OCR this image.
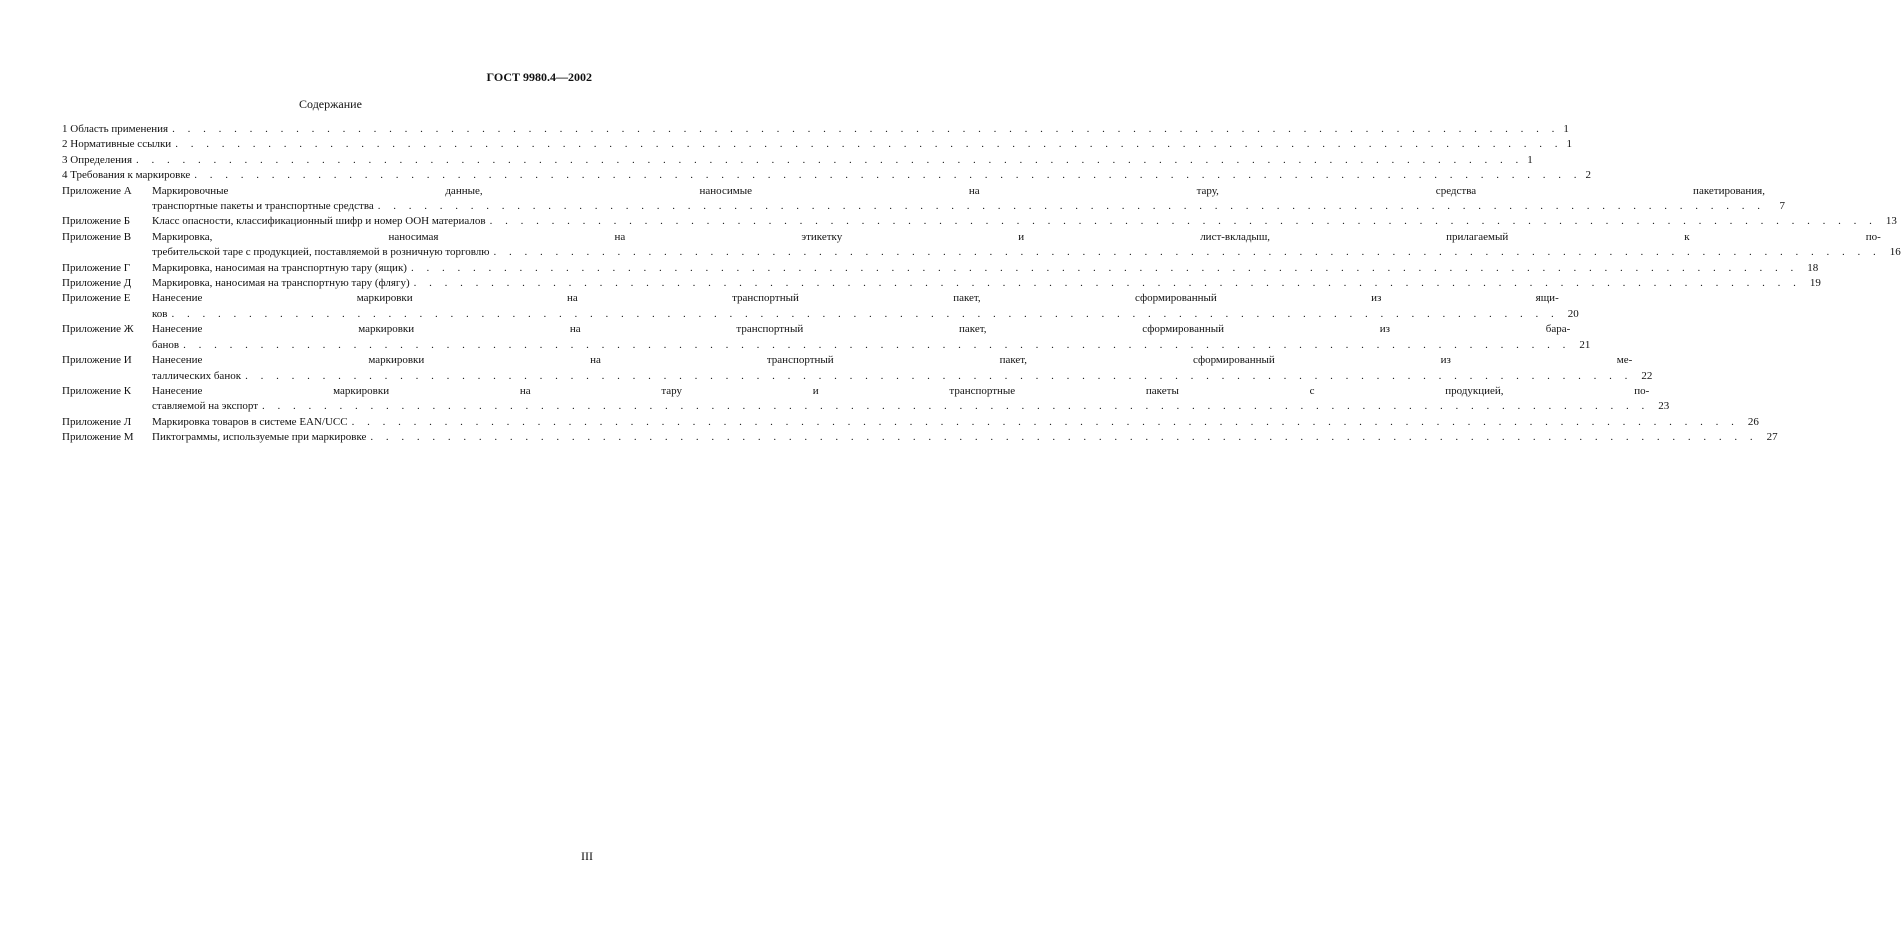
ГОСТ 9980.4—2002
Содержание
1 Область применения . . .	1
2 Нормативные ссылки . . .	1
3 Определения . . .	1
4 Требования к маркировке . . .	2
Приложение А	Маркировочные данные, наносимые на тару, средства пакетирования,
транспортные пакеты и транспортные средства . . .	7
Приложение Б	Класс опасности, классификационный шифр и номер ООН материалов . . .	13
Приложение В	Маркировка, наносимая на этикетку и лист-вкладыш, прилагаемый к по-
требительской таре с продукцией, поставляемой в розничную торговлю . . .	16
Приложение Г	Маркировка, наносимая на транспортную тару (ящик) . . .	18
Приложение Д	Маркировка, наносимая на транспортную тару (флягу) . . .	19
Приложение Е	Нанесение маркировки на транспортный пакет, сформированный из ящи-
ков . . .	20
Приложение Ж	Нанесение маркировки на транспортный пакет, сформированный из бара-
банов . . .	21
Приложение И	Нанесение маркировки на транспортный пакет, сформированный из ме-
таллических банок . . .	22
Приложение К	Нанесение маркировки на тару и транспортные пакеты с продукцией, по-
ставляемой на экспорт . . .	23
Приложение Л	Маркировка товаров в системе EAN/UCC . . .	26
Приложение М	Пиктограммы, используемые при маркировке . . .	27
III
